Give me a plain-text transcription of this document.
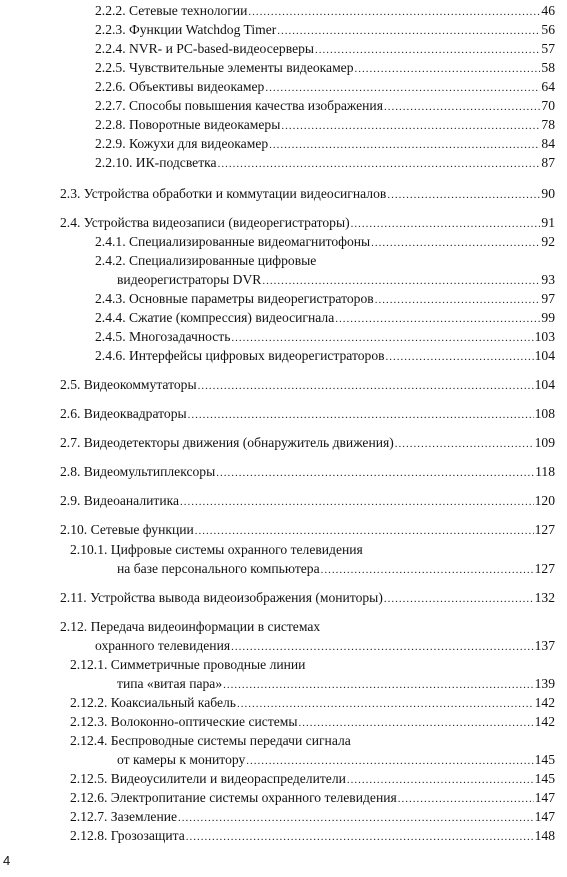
2.2.2. Сетевые технологии .....	46
2.2.3. Функции Watchdog Timer .....	56
2.2.4. NVR- и PC-based-видеосерверы .....	57
2.2.5. Чувствительные элементы видеокамер .....	58
2.2.6. Объективы видеокамер .....	64
2.2.7. Способы повышения качества изображения .....	70
2.2.8. Поворотные видеокамеры .....	78
2.2.9. Кожухи для видеокамер .....	84
2.2.10. ИК-подсветка .....	87
2.3. Устройства обработки и коммутации видеосигналов .....	90
2.4. Устройства видеозаписи (видеорегистраторы) .....	91
2.4.1. Специализированные видеомагнитофоны .....	92
2.4.2. Специализированные цифровые
видеорегистраторы DVR .....	93
2.4.3. Основные параметры видеорегистраторов .....	97
2.4.4. Сжатие (компрессия) видеосигнала .....	99
2.4.5. Многозадачность .....	103
2.4.6. Интерфейсы цифровых видеорегистраторов .....	104
2.5. Видеокоммутаторы .....	104
2.6. Видеоквадраторы .....	108
2.7. Видеодетекторы движения (обнаружитель движения) .....	109
2.8. Видеомультиплексоры .....	118
2.9. Видеоаналитика .....	120
2.10. Сетевые функции .....	127
2.10.1. Цифровые системы охранного телевидения
на базе персонального компьютера .....	127
2.11. Устройства вывода видеоизображения (мониторы) .....	132
2.12. Передача видеоинформации в системах
охранного телевидения .....	137
2.12.1. Симметричные проводные линии
типа «витая пара» .....	139
2.12.2. Коаксиальный кабель .....	142
2.12.3. Волоконно-оптические системы .....	142
2.12.4. Беспроводные системы передачи сигнала
от камеры к монитору .....	145
2.12.5. Видеоусилители и видеораспределители .....	145
2.12.6. Электропитание системы охранного телевидения .....	147
2.12.7. Заземление .....	147
2.12.8. Грозозащита .....	148
4
